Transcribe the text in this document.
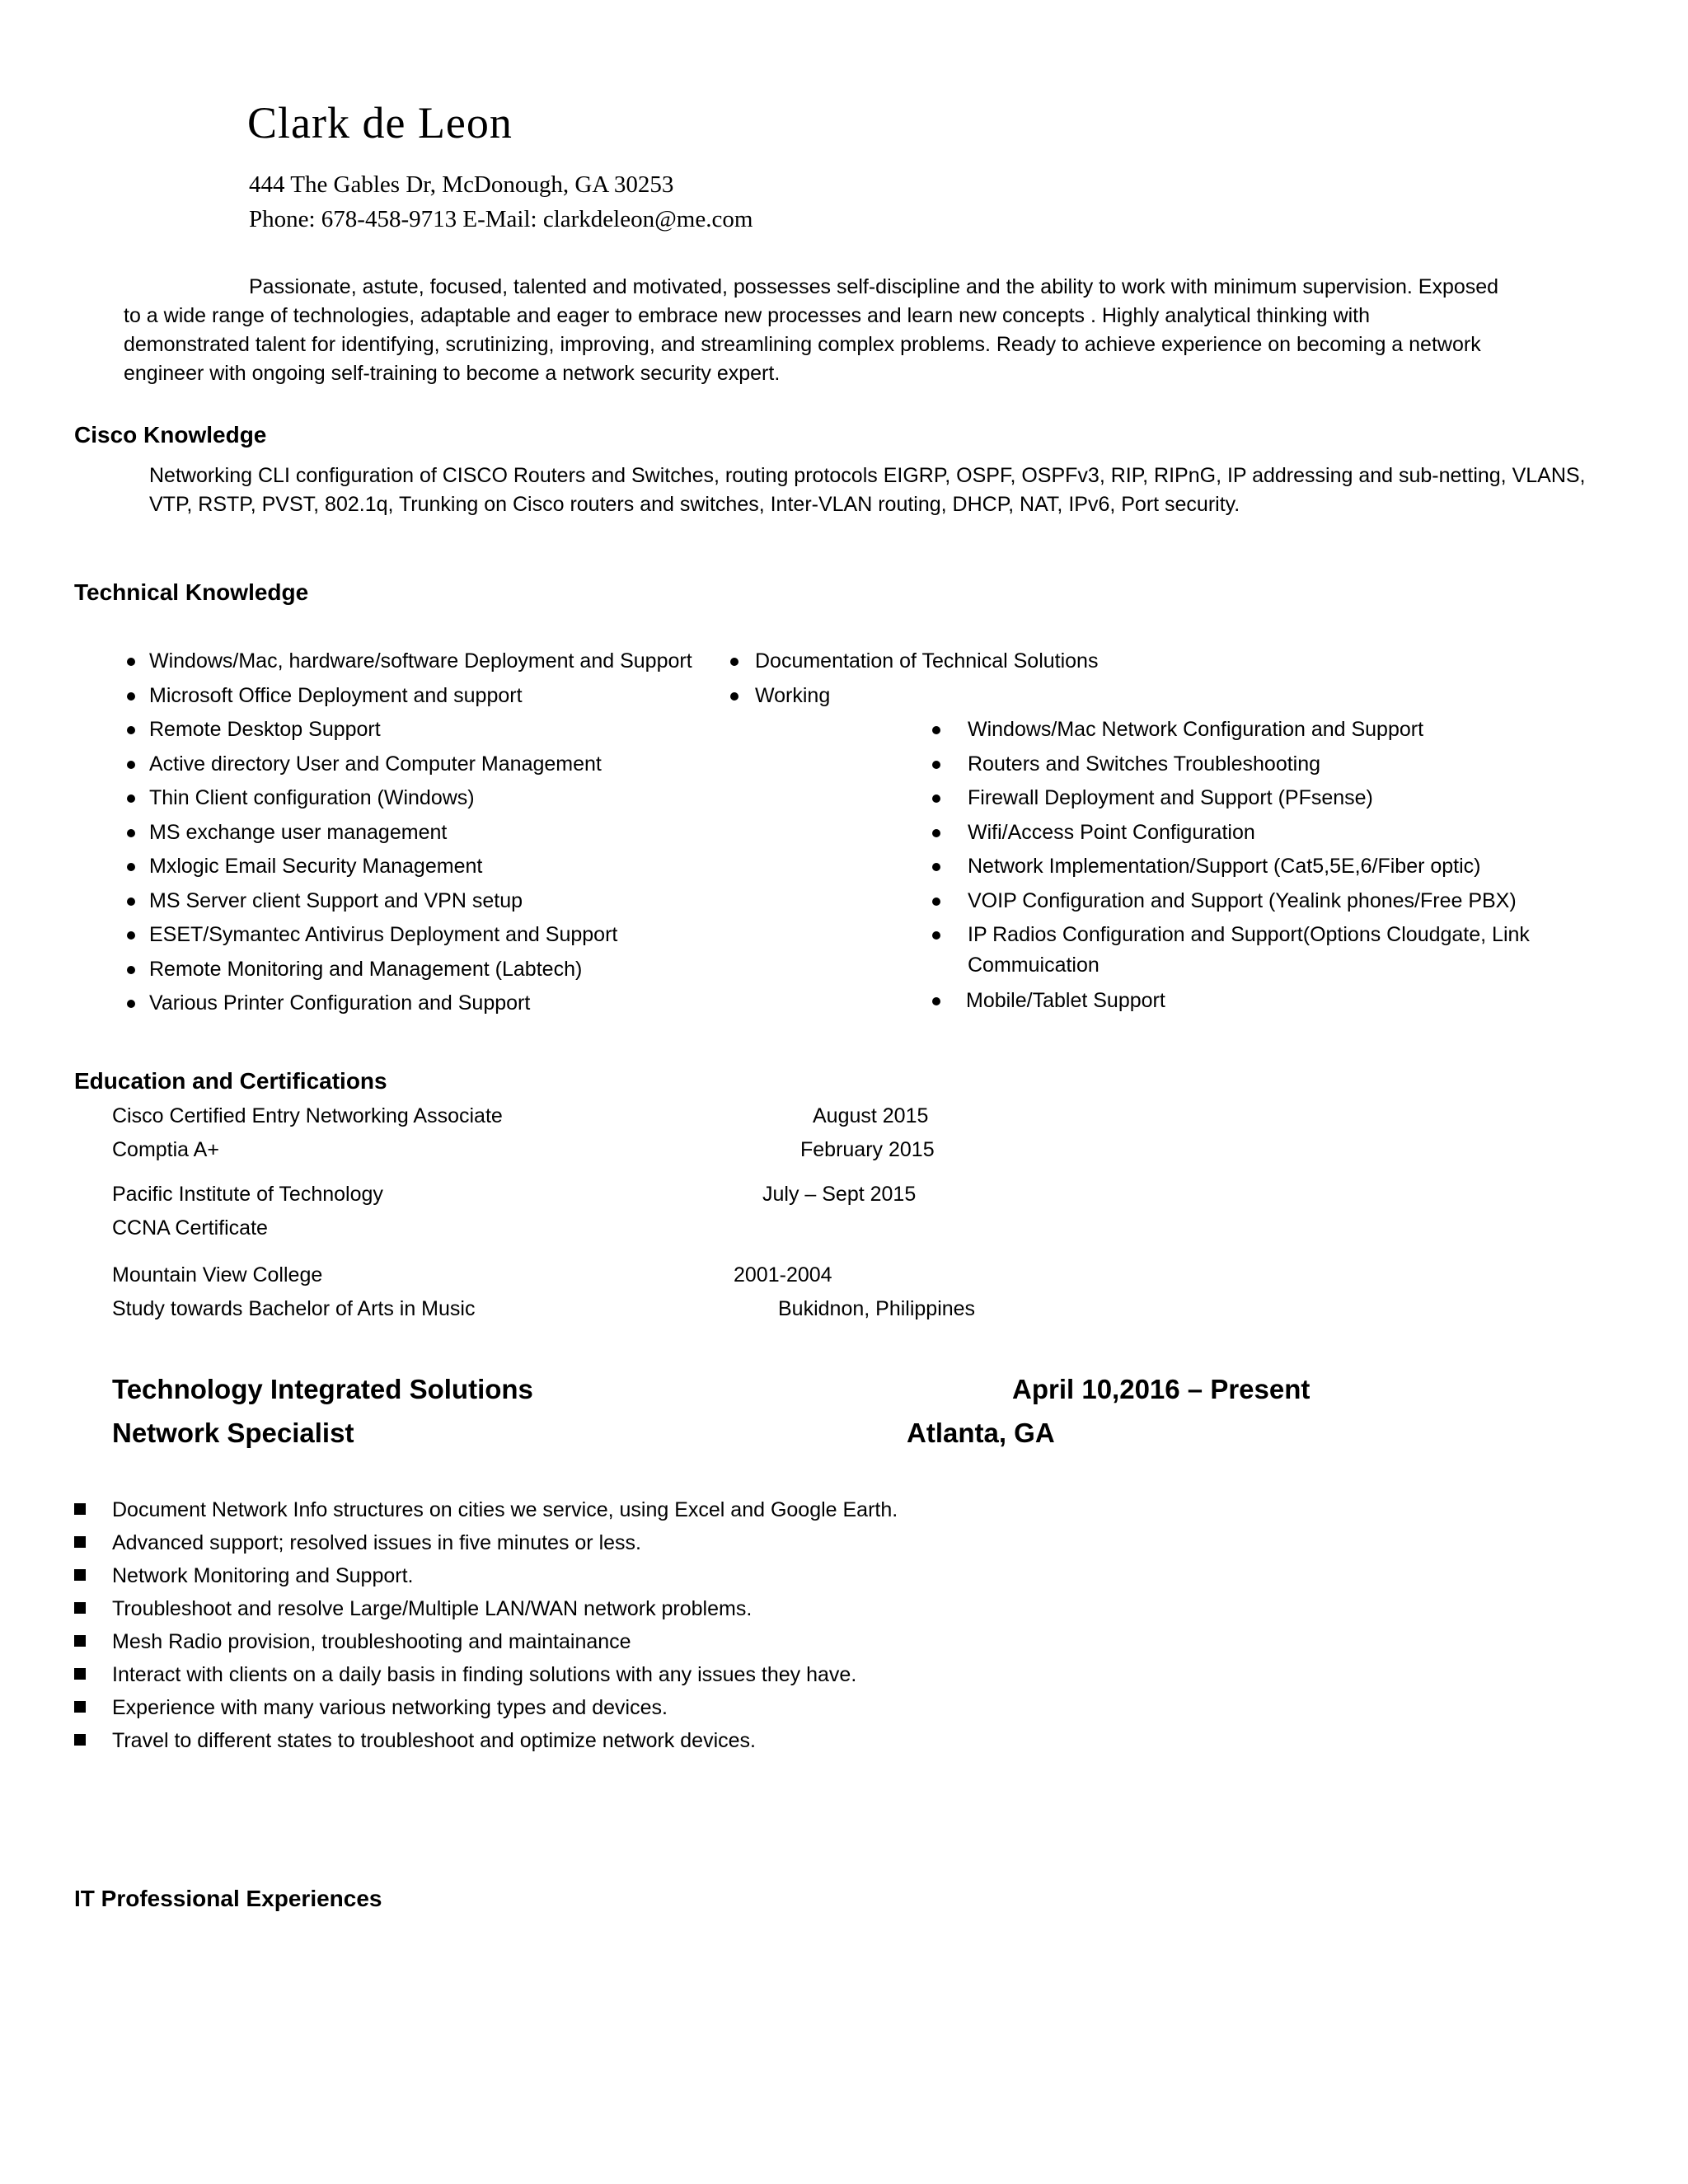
Clark de Leon
444 The Gables Dr, McDonough, GA 30253
Phone: 678-458-9713 E-Mail: clarkdeleon@me.com
Passionate, astute, focused, talented and motivated, possesses self-discipline and the ability to work with minimum supervision. Exposed
to a wide range of technologies, adaptable and eager to embrace new processes and learn new concepts . Highly analytical thinking with
demonstrated talent for identifying, scrutinizing, improving, and streamlining complex problems. Ready to achieve experience on becoming a network
engineer with ongoing self-training to become a network security expert.
Cisco Knowledge
Networking CLI configuration of CISCO Routers and Switches, routing protocols EIGRP, OSPF, OSPFv3, RIP, RIPnG, IP addressing and sub-netting, VLANS,
VTP, RSTP, PVST, 802.1q, Trunking on Cisco routers and switches, Inter-VLAN routing, DHCP, NAT, IPv6, Port security.
Technical Knowledge
Windows/Mac, hardware/software Deployment and Support
Microsoft Office Deployment and support
Remote Desktop Support
Active directory User and Computer Management
Thin Client configuration (Windows)
MS exchange user management
Mxlogic Email Security Management
MS Server client Support and VPN setup
ESET/Symantec Antivirus Deployment and Support
Remote Monitoring and Management (Labtech)
Various Printer Configuration and Support
Documentation of Technical Solutions
Working
Windows/Mac Network Configuration and Support
Routers and Switches Troubleshooting
Firewall Deployment and Support (PFsense)
Wifi/Access Point Configuration
Network Implementation/Support (Cat5,5E,6/Fiber optic)
VOIP Configuration and Support (Yealink phones/Free PBX)
IP Radios Configuration and Support(Options Cloudgate, Link
Commuication
Mobile/Tablet Support
Education and Certifications
Cisco Certified Entry Networking Associate	August 2015
Comptia A+	February 2015
Pacific Institute of Technology	July – Sept 2015
CCNA Certificate
Mountain View College	2001-2004
Study towards Bachelor of Arts in Music	Bukidnon, Philippines
Technology Integrated Solutions	April 10,2016 – Present
Network Specialist	Atlanta, GA
Document Network Info structures on cities we service, using Excel and Google Earth.
Advanced support; resolved issues in five minutes or less.
Network Monitoring and Support.
Troubleshoot and resolve Large/Multiple LAN/WAN network problems.
Mesh Radio provision, troubleshooting and maintainance
Interact with clients on a daily basis in finding solutions with any issues they have.
Experience with many various networking types and devices.
Travel to different states to troubleshoot and optimize network devices.
IT Professional Experiences
